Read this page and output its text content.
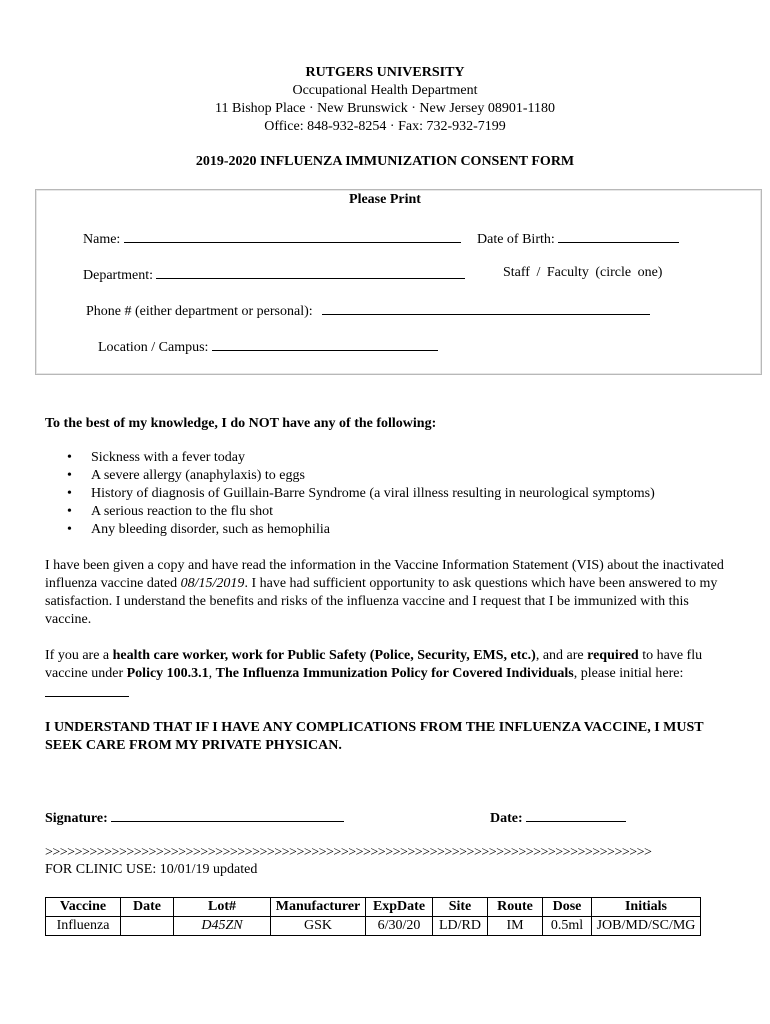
RUTGERS UNIVERSITY
Occupational Health Department
11 Bishop Place · New Brunswick · New Jersey 08901-1180
Office: 848-932-8254 · Fax: 732-932-7199
2019-2020 INFLUENZA IMMUNIZATION CONSENT FORM
Please Print
Name:	Date of Birth:
Department:	Staff / Faculty (circle one)
Phone # (either department or personal):
Location / Campus:
To the best of my knowledge, I do NOT have any of the following:
• Sickness with a fever today
• A severe allergy (anaphylaxis) to eggs
• History of diagnosis of Guillain-Barre Syndrome (a viral illness resulting in neurological symptoms)
• A serious reaction to the flu shot
• Any bleeding disorder, such as hemophilia
I have been given a copy and have read the information in the Vaccine Information Statement (VIS) about the inactivated influenza vaccine dated 08/15/2019. I have had sufficient opportunity to ask questions which have been answered to my satisfaction. I understand the benefits and risks of the influenza vaccine and I request that I be immunized with this vaccine.
If you are a health care worker, work for Public Safety (Police, Security, EMS, etc.), and are required to have flu vaccine under Policy 100.3.1, The Influenza Immunization Policy for Covered Individuals, please initial here:
I UNDERSTAND THAT IF I HAVE ANY COMPLICATIONS FROM THE INFLUENZA VACCINE, I MUST SEEK CARE FROM MY PRIVATE PHYSICAN.
Signature:	Date:
>>>>>>>>>>>>>>>>>>>>>>>>>>>>>>>>>>>>>>>>>>>>>>>>>>>>>>>>>>>>>>>>>>>>>>>>>>>>>>>>>>
FOR CLINIC USE: 10/01/19 updated
Vaccine	Date	Lot#	Manufacturer	ExpDate	Site	Route	Dose	Initials
Influenza		D45ZN	GSK	6/30/20	LD/RD	IM	0.5ml	JOB/MD/SC/MG
